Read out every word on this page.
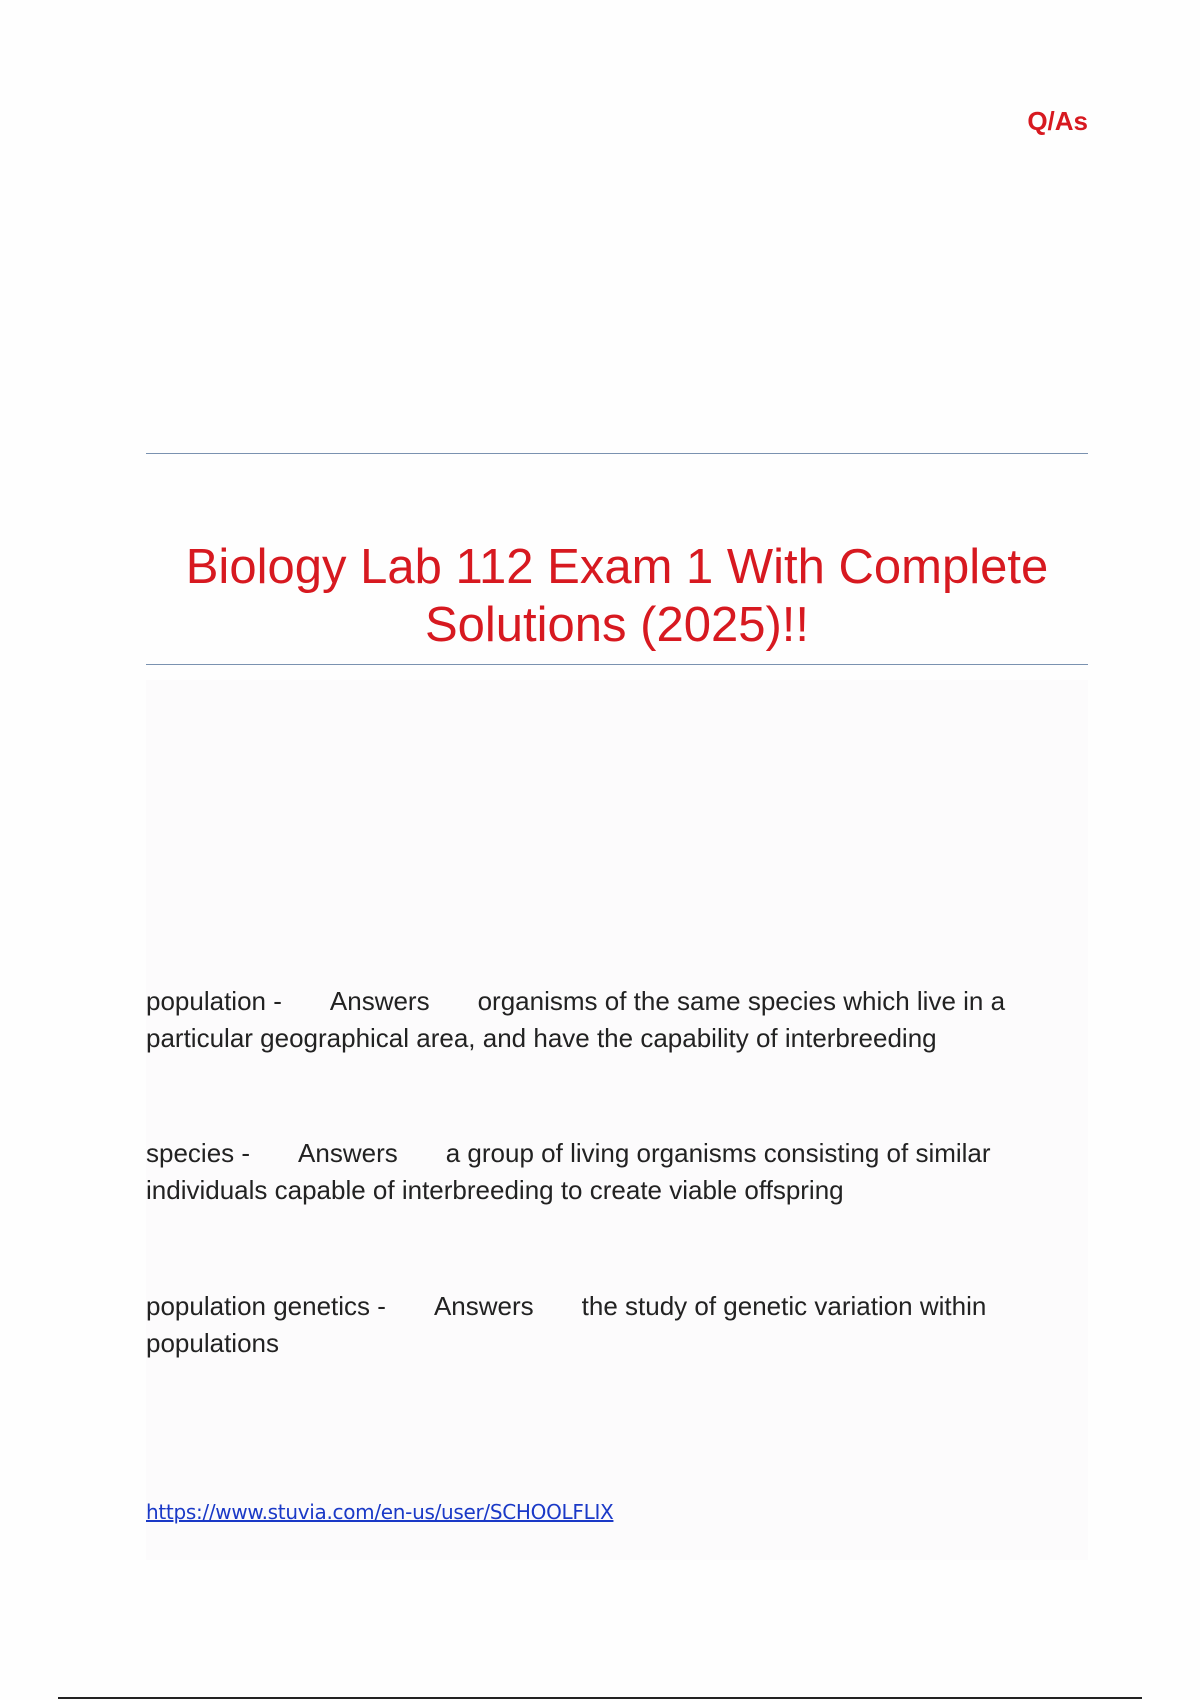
Q/As
Biology Lab 112 Exam 1 With Complete Solutions (2025)!!

population - Answers organisms of the same species which live in a particular geographical area, and have the capability of interbreeding

species - Answers a group of living organisms consisting of similar individuals capable of interbreeding to create viable offspring

population genetics - Answers the study of genetic variation within populations

https://www.stuvia.com/en-us/user/SCHOOLFLIX
